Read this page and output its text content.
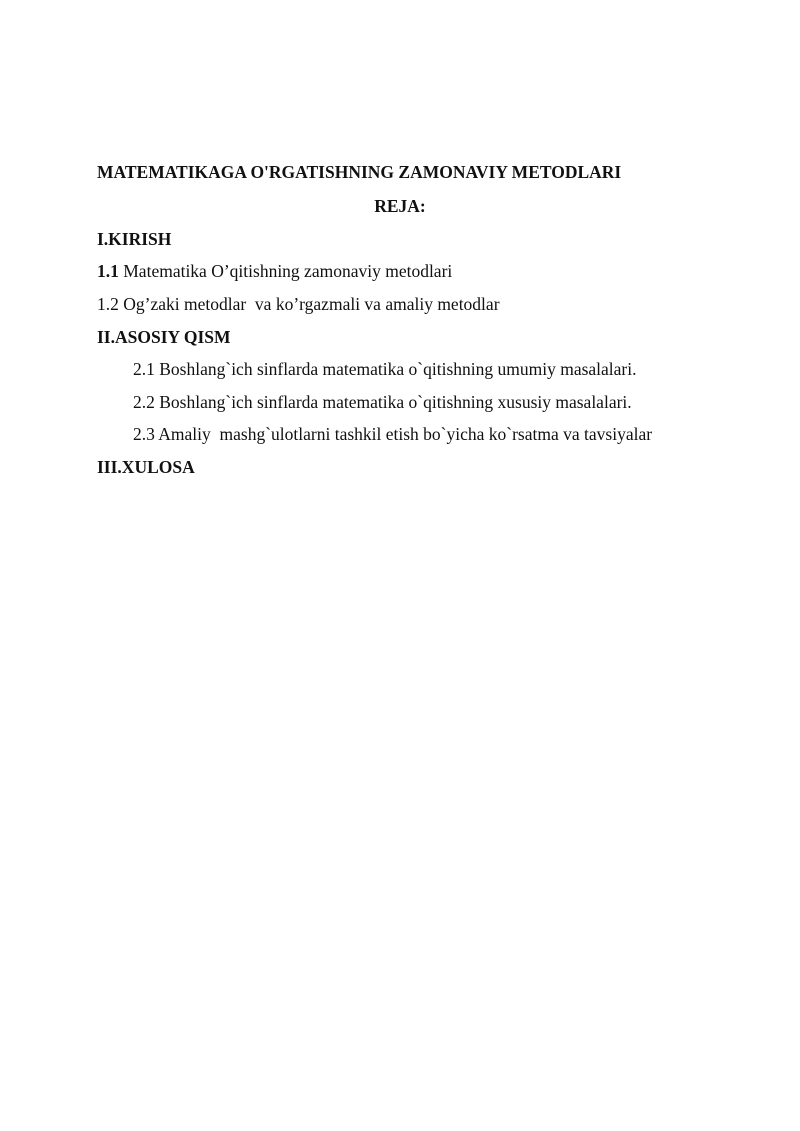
MATEMATIKAGA O'RGATISHNING ZAMONAVIY METODLARI
REJA:
I.KIRISH
1.1 Matematika O’qitishning zamonaviy metodlari
1.2 Og’zaki metodlar  va ko’rgazmali va amaliy metodlar
II.ASOSIY QISM
2.1 Boshlang`ich sinflarda matematika o`qitishning umumiy masalalari.
2.2 Boshlang`ich sinflarda matematika o`qitishning xususiy masalalari.
2.3 Amaliy  mashg`ulotlarni tashkil etish bo`yicha ko`rsatma va tavsiyalar
III.XULOSA
